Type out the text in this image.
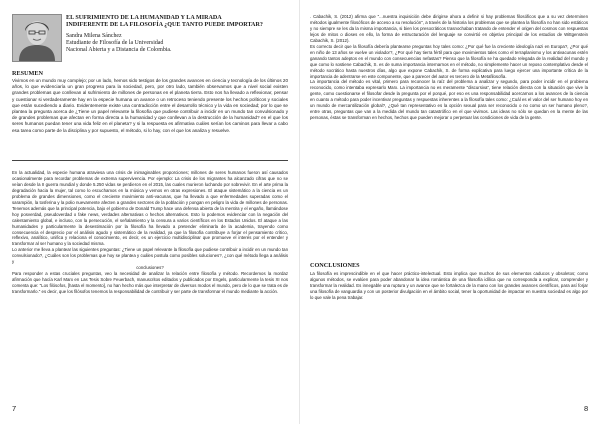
EL SUFRIMIENTO DE LA HUMANIDAD Y LA MIRADA
INDIFERENTE DE LA FILOSOFÍA ¿QUE TANTO PUEDE IMPORTAR?
Sandra Milena Sánchez
Estudiante de Filosofía de la Universidad
Nacional Abierta y a Distancia de Colombia.
RESUMEN

Vivimos en un mundo muy complejo; por un lado, hemos sido testigos de los grandes avances en ciencia y tecnología de los últimos 20 años, lo que evidenciaría un gran progreso para la sociedad, pero, por otro lado, también observamos que a nivel social existen grandes problemas que conllevan al sufrimiento de millones de personas en el planeta tierra. Esto nos ha llevado a reflexionar, pensar y cuestionar si verdaderamente hay en la especie humana un avance o un retroceso teniendo presente los hechos políticos y sociales que están sucediendo a diario. Evidentemente existe una contradicción entre el desarrollo técnico y la vida en sociedad; por lo que se plantea la pregunta acerca de ¿Tiene un papel relevante la filosofía que pudiese contribuir a incidir en un mundo tan convulsionado y de grandes problemas que afectan en forma directa a la humanidad y que conllevan a la destrucción de la humanidad? en el que los seres humanos puedan tener una vida feliz en el planeta? y si la respuesta es afirmativa cuáles serían los caminos para llevar a cabo esa tarea como parte de la disciplina y por supuesto, el método, si lo hay, con el que los analiza y resuelve.

En la actualidad, la especie humana atraviesa una crisis de inimaginables proporciones; millones de seres humanos fueron así causados ocasionalmente para recordar problemas de extrema supervivencia. Por ejemplo: La crisis de los migrantes ha alcanzado cifras que no se veían desde la II guerra mundial y donde 5.250 vidas se perdieron en el 2015, las cuales murieron luchando por sobrevivir. En el arte prima la degradación hacia la mujer, tal como lo escuchamos en la música y vemos en otras expresiones. El ataque sistemático a la ciencia es un problema de grandes dimensiones, como el creciente movimiento anti-vacunas, que ha llevado a que enfermedades superadas como el sarampión, la tosferina y la polio nuevamente afecten a grandes sectores de la población y pongan en peligro la vida de millones de personas. Tenemos además que la principal potencia, bajo el gobierno de Donald Trump hace una defensa abierta de la mentira y el engaño, llamándose hoy posverdad, pseudoverdad o fake news, verdades alternativas o hechos alternativos. Esto lo podemos evidenciar con la negación del calentamiento global, e incluso, con la persecución, el señalamiento y la censura a varios científicos en los Estados Unidos. El ataque a las humanidades y particularmente la desestimación por la filosofía ha llevado a pretender eliminarla de la academia, trayendo como consecuencia el desprecio por el análisis agudo y sistemático de la realidad, ya que la filosofía contribuye a forjar el pensamiento crítico, reflexivo, analítico, unifica y relaciona el conocimiento, es decir, es un ejercicio multidisciplinar que promueve el interés por el entender y transformar al ser humano y la sociedad misma.

Lo anterior me lleva a plantear las siguientes preguntas: ¿Tiene un papel relevante la filosofía que pudiese contribuir a incidir en un mundo tan convulsionado?, ¿Cuáles son los problemas que hoy se plantea y cuáles postula como posibles soluciones?, ¿con qué método llega a análisis y

conclusiones?

Para responder a estas cruciales preguntas, veo la necesidad de analizar la relación entre filosofía y método. Recordemos la mordaz afirmación que hacía Karl Marx en Las Tesis Sobre Feuerbach, manuscritos editados y publicados por Engels, particularmente la tesis XI nos comenta que: "Los filósofos, [hasta el momento], no han hecho más que interpretar de diversos modos el mundo, pero de lo que se trata es de transformarlo." es decir, que los filósofos tenemos la responsabilidad de contribuir y ser parte de transformar el mundo mediante la acción.

7

. Cabachik, S. (2012) afirma que "...nuestra inquisición debe dirigirse ahora a definir si hay problemas filosóficos que a su vez determinen métodos igualmente filosóficos de acceso a su resolución", a través de la historia los problemas que se plantea la filosofía no han sido estáticos y no siempre se les da la misma importancia, si bien los presocráticos trasnochaban tratando de entender el origen del cosmos con respuestas lejos de mitos o dioses en ello, la forma de estructuración del lenguaje se convirtió en objetivo principal de los estudios de Wittgenstein Cabachik, S. (2012).

Es correcto decir que la filosofía debería plantearse preguntas hoy tales como: ¿Por qué fue la creciente ideología nazi en Europa?, ¿Por qué en niño de 13 años se vuelve un violador?, ¿Por qué hay tierra fértil para que movimientos tales como el terraplanismo y los antivacunas estén ganando tantos adeptos en el mundo con consecuencias nefastas? Pienso que la filosofía se ha quedado relegada de la realidad del mundo y que como lo sostiene Cabachik, S. es de suma importancia internarnos en el método, no simplemente hacer un reposo contemplativo desde el método socrático hasta nuestros días, algo que expone Cabachik, S. de forma explicativa para luego ejercer una importante crítica de la importancia de adentrarse en este componente, que a parecer del autor es tercero de la Metafilosofía.

La importancia del método es vital, primero para reconocer la raíz del problema a analizar y segundo, para poder incidir en el problema reconocido, como intentaba expresarlo Marx. La importancia no es meramente "discursiva", tiene relación directa con la situación que vive la gente, como cuestionarse el filosofar desde la pregunta por el porqué, por eso es una responsabilidad acercarnos a los avances de la ciencia en cuanto a método para poder incentivar preguntas y respuestas inherentes a la filosofía tales como: ¿Cuál es el valor del ser humano hoy en un mundo de mercantilización global?, ¿Qué tan representativo es la opción sexual para ser reconocido o no como un ser humano pleno?, entre otras, preguntas que van a la medida del mundo tan catastrófico en el que vivimos. Las ideas no sólo se quedan en la mente de las personas, éstas se transforman en hechos, hechos que pueden mejorar o perpetuar las condiciones de vida de la gente.

CONCLUSIONES

La filosofía es imprescindible en el que hacer práctico-intelectual. Esto implica que muchos de sus elementos caducos y obsoletos; como algunos métodos, se evalúen para poder abandonar la idea romántica de una filosofía idílica que no corresponda a explicar, comprender y transformar la realidad. Es innegable una ruptura y un avance que se fortalezca de la mano con los grandes avances científicos, para así forjar una filosofía de vanguardia y con un posterior divulgación en el ámbito social, tener la oportunidad de impactar en nuestra sociedad es algo por lo que vale la pena trabajar.

8
